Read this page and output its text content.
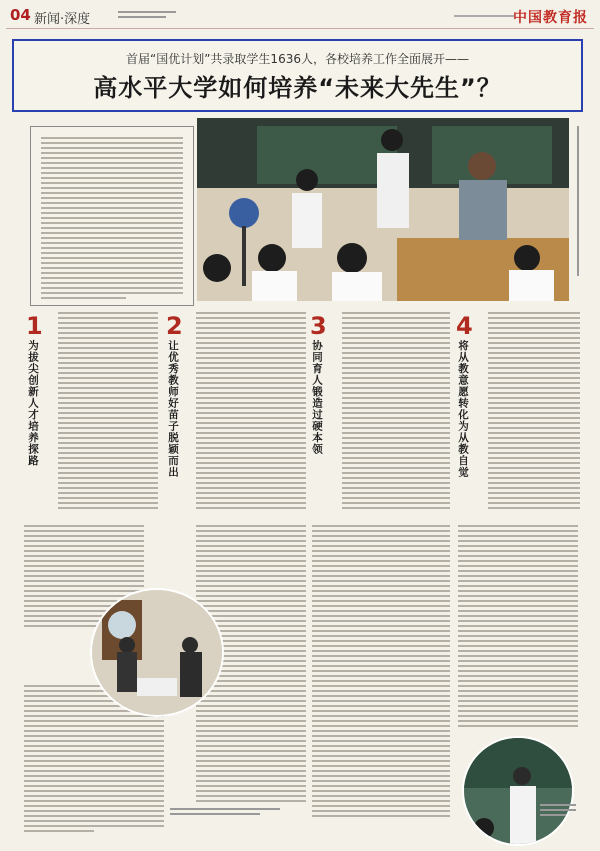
04 新闻·深度	中国教育报
首届“国优计划”共录取学生1636人，各校培养工作全面展开——
高水平大学如何培养“未来大先生”？
1
为拔尖创新人才培养探路
2
让优秀教师好苗子脱颖而出
3
协同育人锻造过硬本领
4
将从教意愿转化为从教自觉
